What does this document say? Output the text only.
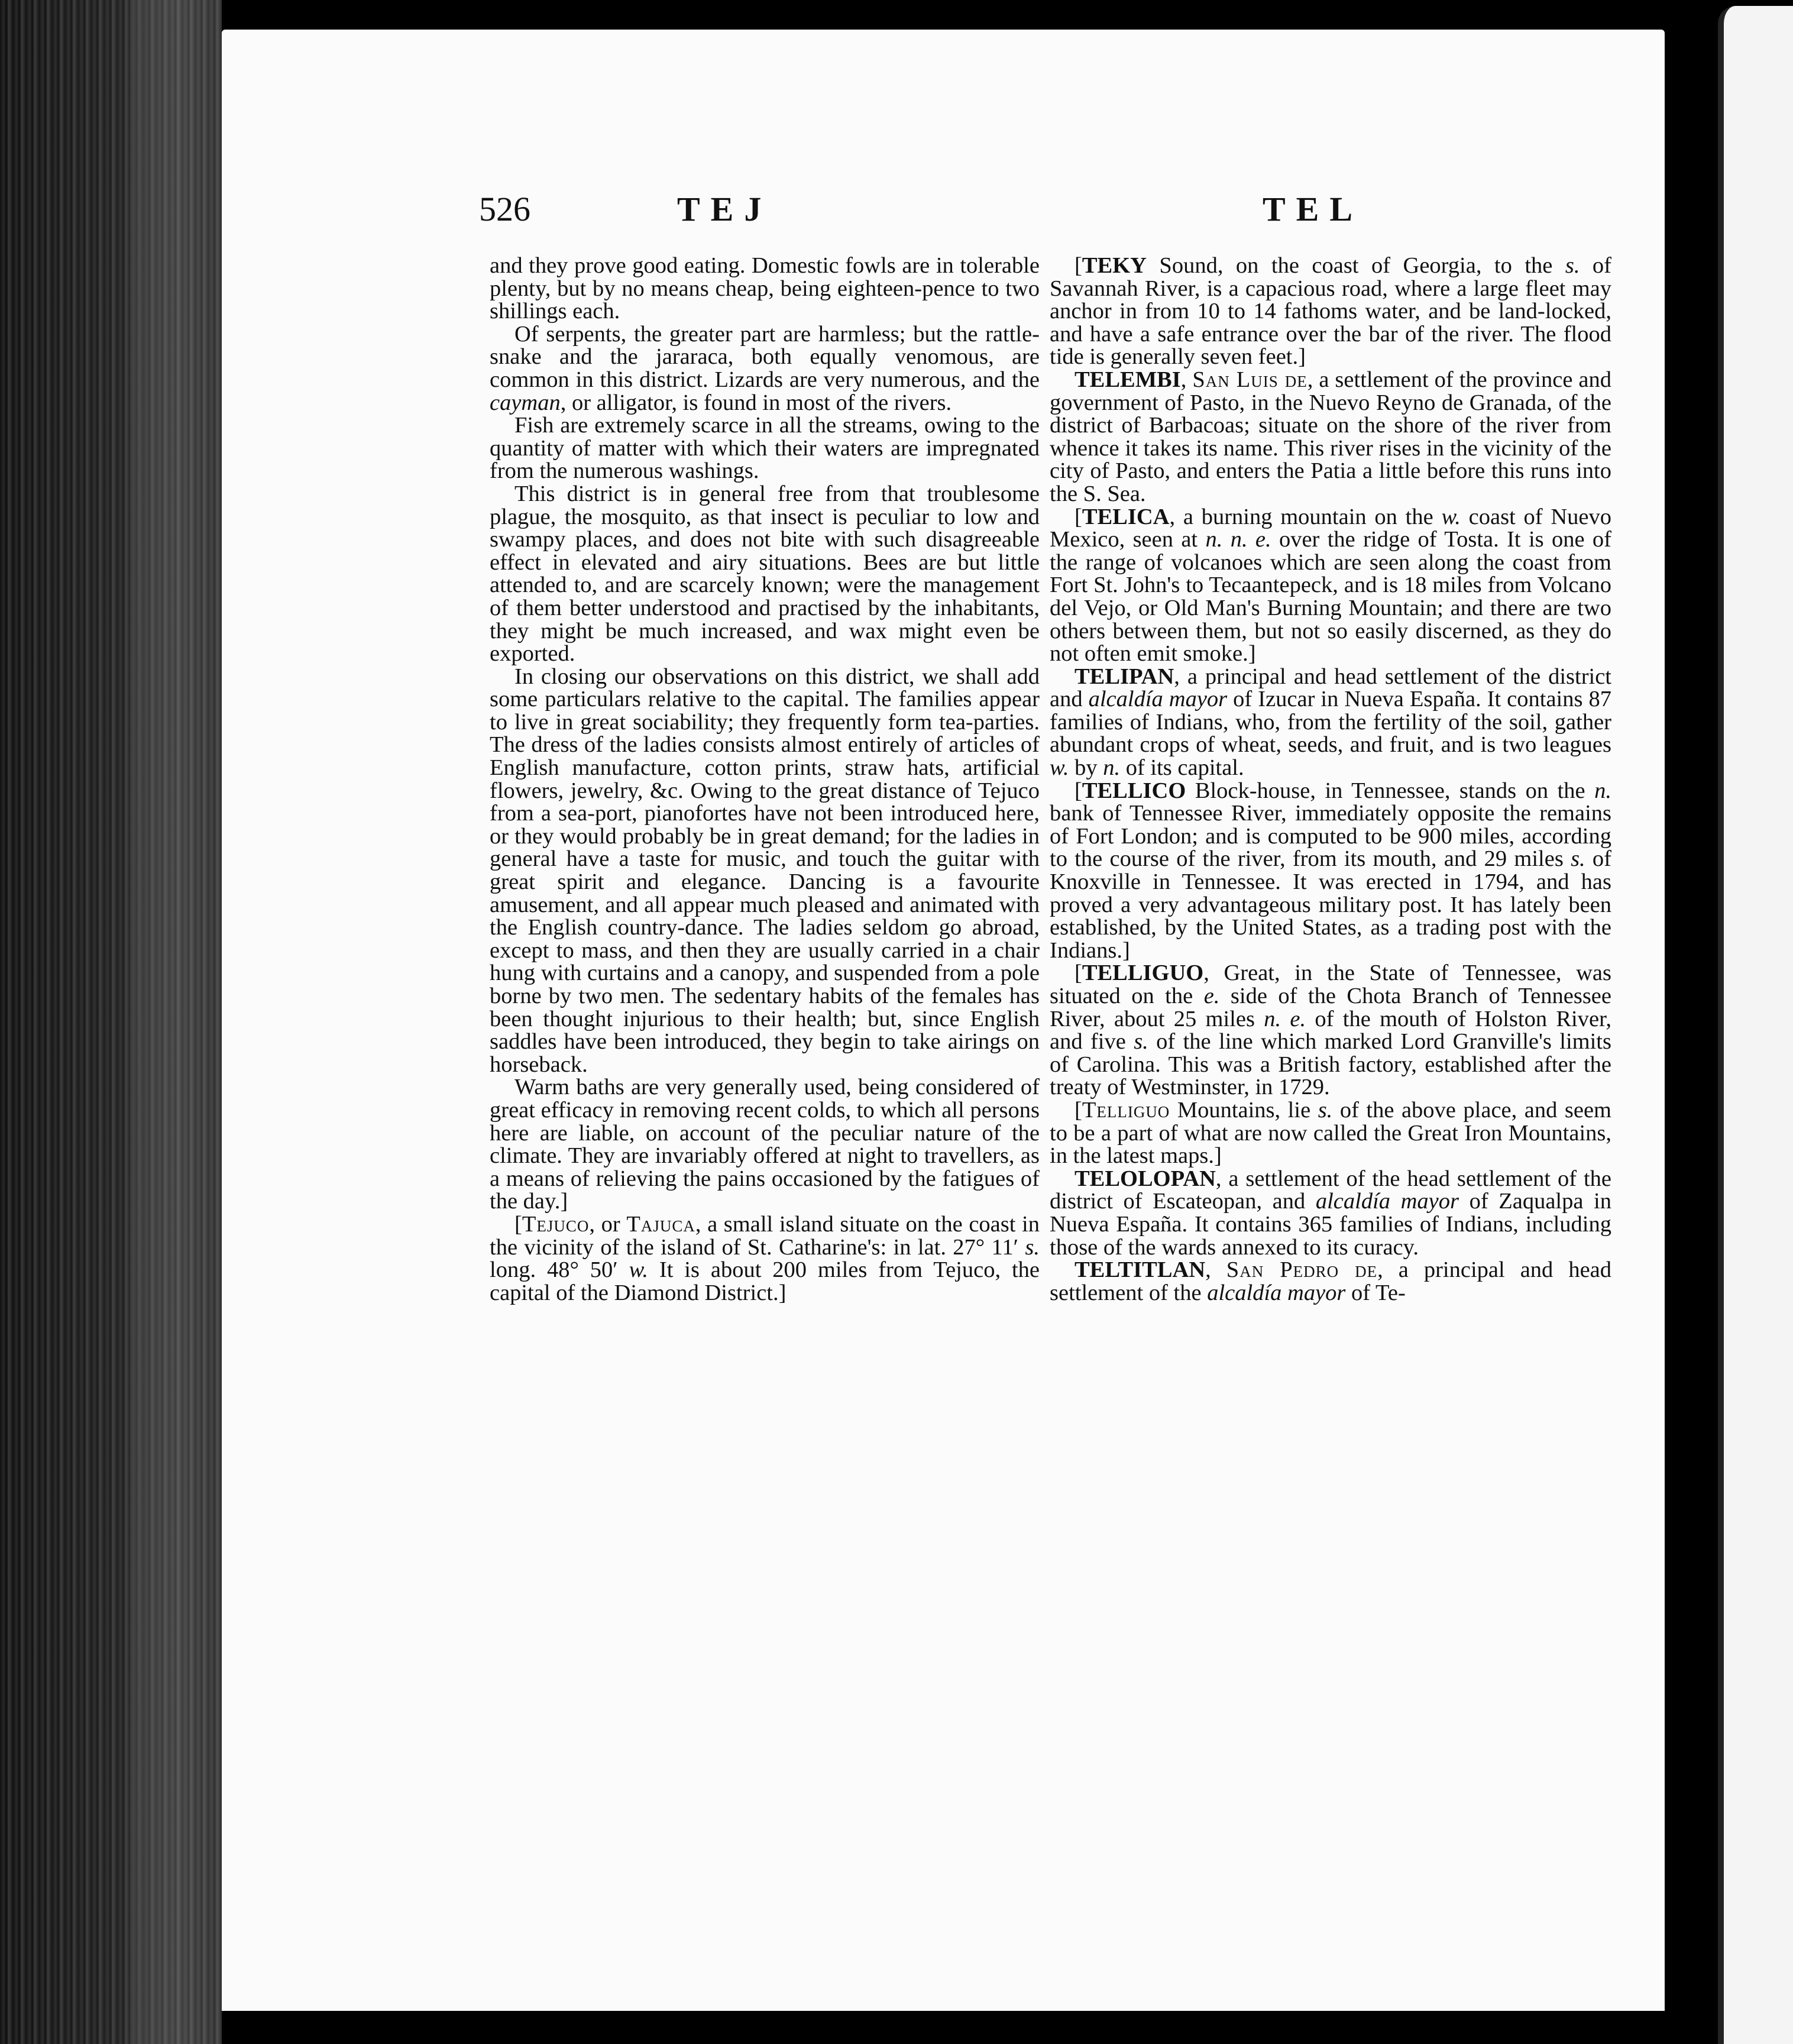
526	TEJ	TEL

and they prove good eating. Domestic fowls are in tolerable plenty, but by no means cheap, being eighteen-pence to two shillings each.

Of serpents, the greater part are harmless; but the rattle-snake and the jararaca, both equally venomous, are common in this district. Lizards are very numerous, and the cayman, or alligator, is found in most of the rivers.

Fish are extremely scarce in all the streams, owing to the quantity of matter with which their waters are impregnated from the numerous washings.

This district is in general free from that troublesome plague, the mosquito, as that insect is peculiar to low and swampy places, and does not bite with such disagreeable effect in elevated and airy situations. Bees are but little attended to, and are scarcely known; were the management of them better understood and practised by the inhabitants, they might be much increased, and wax might even be exported.

In closing our observations on this district, we shall add some particulars relative to the capital. The families appear to live in great sociability; they frequently form tea-parties. The dress of the ladies consists almost entirely of articles of English manufacture, cotton prints, straw hats, artificial flowers, jewelry, &c. Owing to the great distance of Tejuco from a sea-port, pianofortes have not been introduced here, or they would probably be in great demand; for the ladies in general have a taste for music, and touch the guitar with great spirit and elegance. Dancing is a favourite amusement, and all appear much pleased and animated with the English country-dance. The ladies seldom go abroad, except to mass, and then they are usually carried in a chair hung with curtains and a canopy, and suspended from a pole borne by two men. The sedentary habits of the females has been thought injurious to their health; but, since English saddles have been introduced, they begin to take airings on horseback.

Warm baths are very generally used, being considered of great efficacy in removing recent colds, to which all persons here are liable, on account of the peculiar nature of the climate. They are invariably offered at night to travellers, as a means of relieving the pains occasioned by the fatigues of the day.]

[Tejuco, or Tajuca, a small island situate on the coast in the vicinity of the island of St. Catharine's: in lat. 27° 11′ s. long. 48° 50′ w. It is about 200 miles from Tejuco, the capital of the Diamond District.]

[TEKY Sound, on the coast of Georgia, to the s. of Savannah River, is a capacious road, where a large fleet may anchor in from 10 to 14 fathoms water, and be land-locked, and have a safe entrance over the bar of the river. The flood tide is generally seven feet.]

TELEMBI, San Luis de, a settlement of the province and government of Pasto, in the Nuevo Reyno de Granada, of the district of Barbacoas; situate on the shore of the river from whence it takes its name. This river rises in the vicinity of the city of Pasto, and enters the Patia a little before this runs into the S. Sea.

[TELICA, a burning mountain on the w. coast of Nuevo Mexico, seen at n. n. e. over the ridge of Tosta. It is one of the range of volcanoes which are seen along the coast from Fort St. John's to Tecaantepeck, and is 18 miles from Volcano del Vejo, or Old Man's Burning Mountain; and there are two others between them, but not so easily discerned, as they do not often emit smoke.]

TELIPAN, a principal and head settlement of the district and alcaldía mayor of Izucar in Nueva España. It contains 87 families of Indians, who, from the fertility of the soil, gather abundant crops of wheat, seeds, and fruit, and is two leagues w. by n. of its capital.

[TELLICO Block-house, in Tennessee, stands on the n. bank of Tennessee River, immediately opposite the remains of Fort London; and is computed to be 900 miles, according to the course of the river, from its mouth, and 29 miles s. of Knoxville in Tennessee. It was erected in 1794, and has proved a very advantageous military post. It has lately been established, by the United States, as a trading post with the Indians.]

[TELLIGUO, Great, in the State of Tennessee, was situated on the e. side of the Chota Branch of Tennessee River, about 25 miles n. e. of the mouth of Holston River, and five s. of the line which marked Lord Granville's limits of Carolina. This was a British factory, established after the treaty of Westminster, in 1729.

[Telliguo Mountains, lie s. of the above place, and seem to be a part of what are now called the Great Iron Mountains, in the latest maps.]

TELOLOPAN, a settlement of the head settlement of the district of Escateopan, and alcaldía mayor of Zaqualpa in Nueva España. It contains 365 families of Indians, including those of the wards annexed to its curacy.

TELTITLAN, San Pedro de, a principal and head settlement of the alcaldía mayor of Te-
